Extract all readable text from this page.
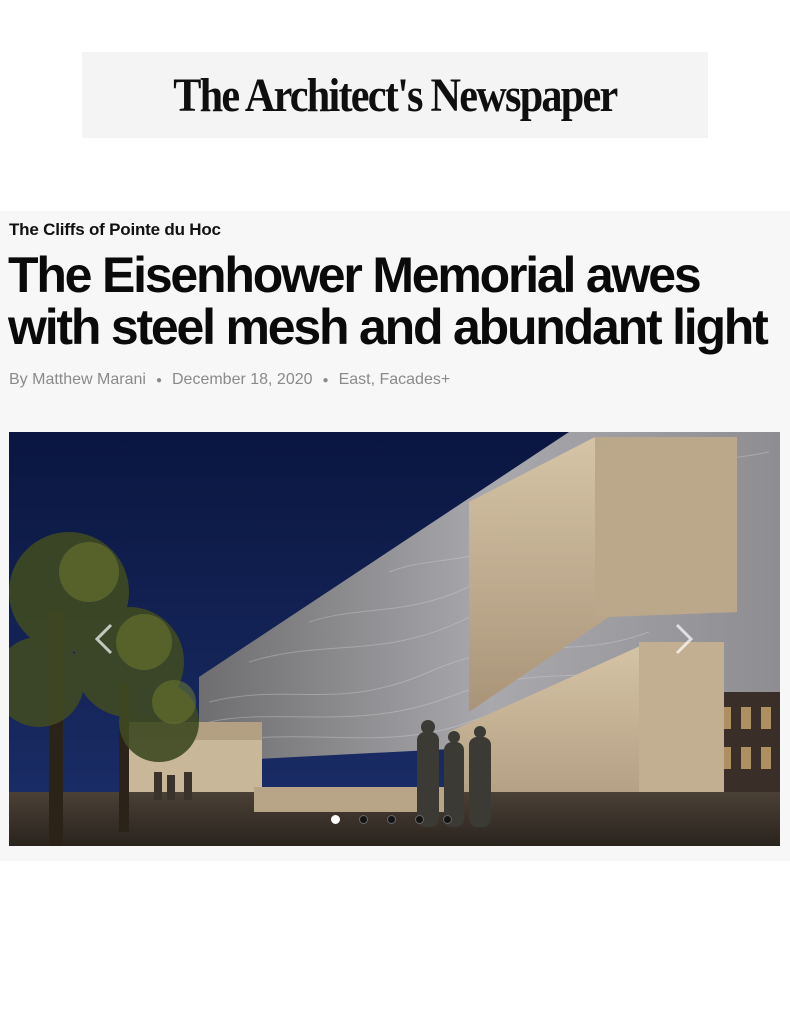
The Architect's Newspaper
The Cliffs of Pointe du Hoc
The Eisenhower Memorial awes with steel mesh and abundant light
By Matthew Marani ● December 18, 2020 ● East, Facades+
